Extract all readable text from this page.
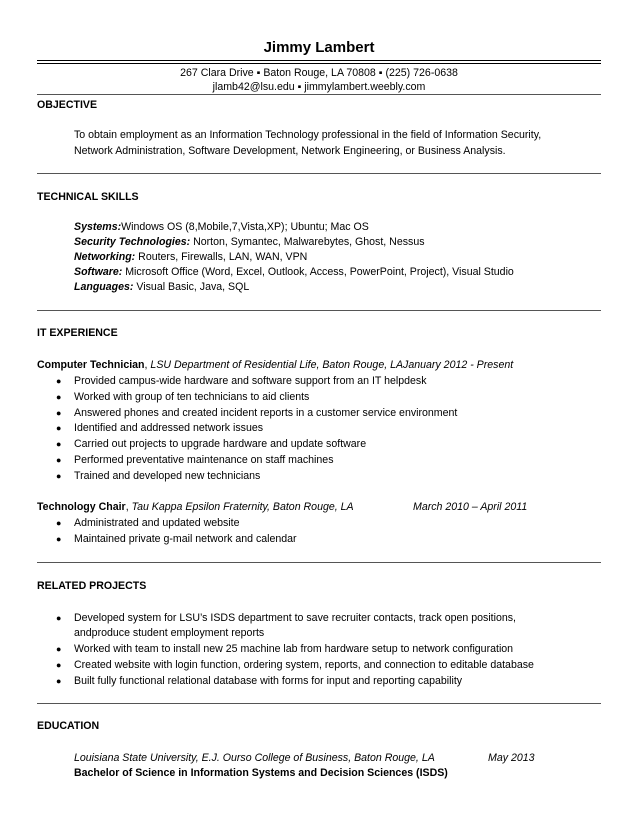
Jimmy Lambert
267 Clara Drive ▪ Baton Rouge, LA 70808 ▪ (225) 726-0638
jlamb42@lsu.edu ▪ jimmylambert.weebly.com
OBJECTIVE
To obtain employment as an Information Technology professional in the field of Information Security,
Network Administration, Software Development, Network Engineering, or Business Analysis.
TECHNICAL SKILLS
Systems:Windows OS (8,Mobile,7,Vista,XP); Ubuntu; Mac OS
Security Technologies: Norton, Symantec, Malwarebytes, Ghost, Nessus
Networking: Routers, Firewalls, LAN, WAN, VPN
Software: Microsoft Office (Word, Excel, Outlook, Access, PowerPoint, Project), Visual Studio
Languages: Visual Basic, Java, SQL
IT EXPERIENCE
Computer Technician, LSU Department of Residential Life, Baton Rouge, LAJanuary 2012 - Present
● Provided campus-wide hardware and software support from an IT helpdesk
● Worked with group of ten technicians to aid clients
● Answered phones and created incident reports in a customer service environment
● Identified and addressed network issues
● Carried out projects to upgrade hardware and update software
● Performed preventative maintenance on staff machines
● Trained and developed new technicians
Technology Chair, Tau Kappa Epsilon Fraternity, Baton Rouge, LA	March 2010 – April 2011
● Administrated and updated website
● Maintained private g-mail network and calendar
RELATED PROJECTS
● Developed system for LSU’s ISDS department to save recruiter contacts, track open positions,
andproduce student employment reports
● Worked with team to install new 25 machine lab from hardware setup to network configuration
● Created website with login function, ordering system, reports, and connection to editable database
● Built fully functional relational database with forms for input and reporting capability
EDUCATION
Louisiana State University, E.J. Ourso College of Business, Baton Rouge, LA	May 2013
Bachelor of Science in Information Systems and Decision Sciences (ISDS)
